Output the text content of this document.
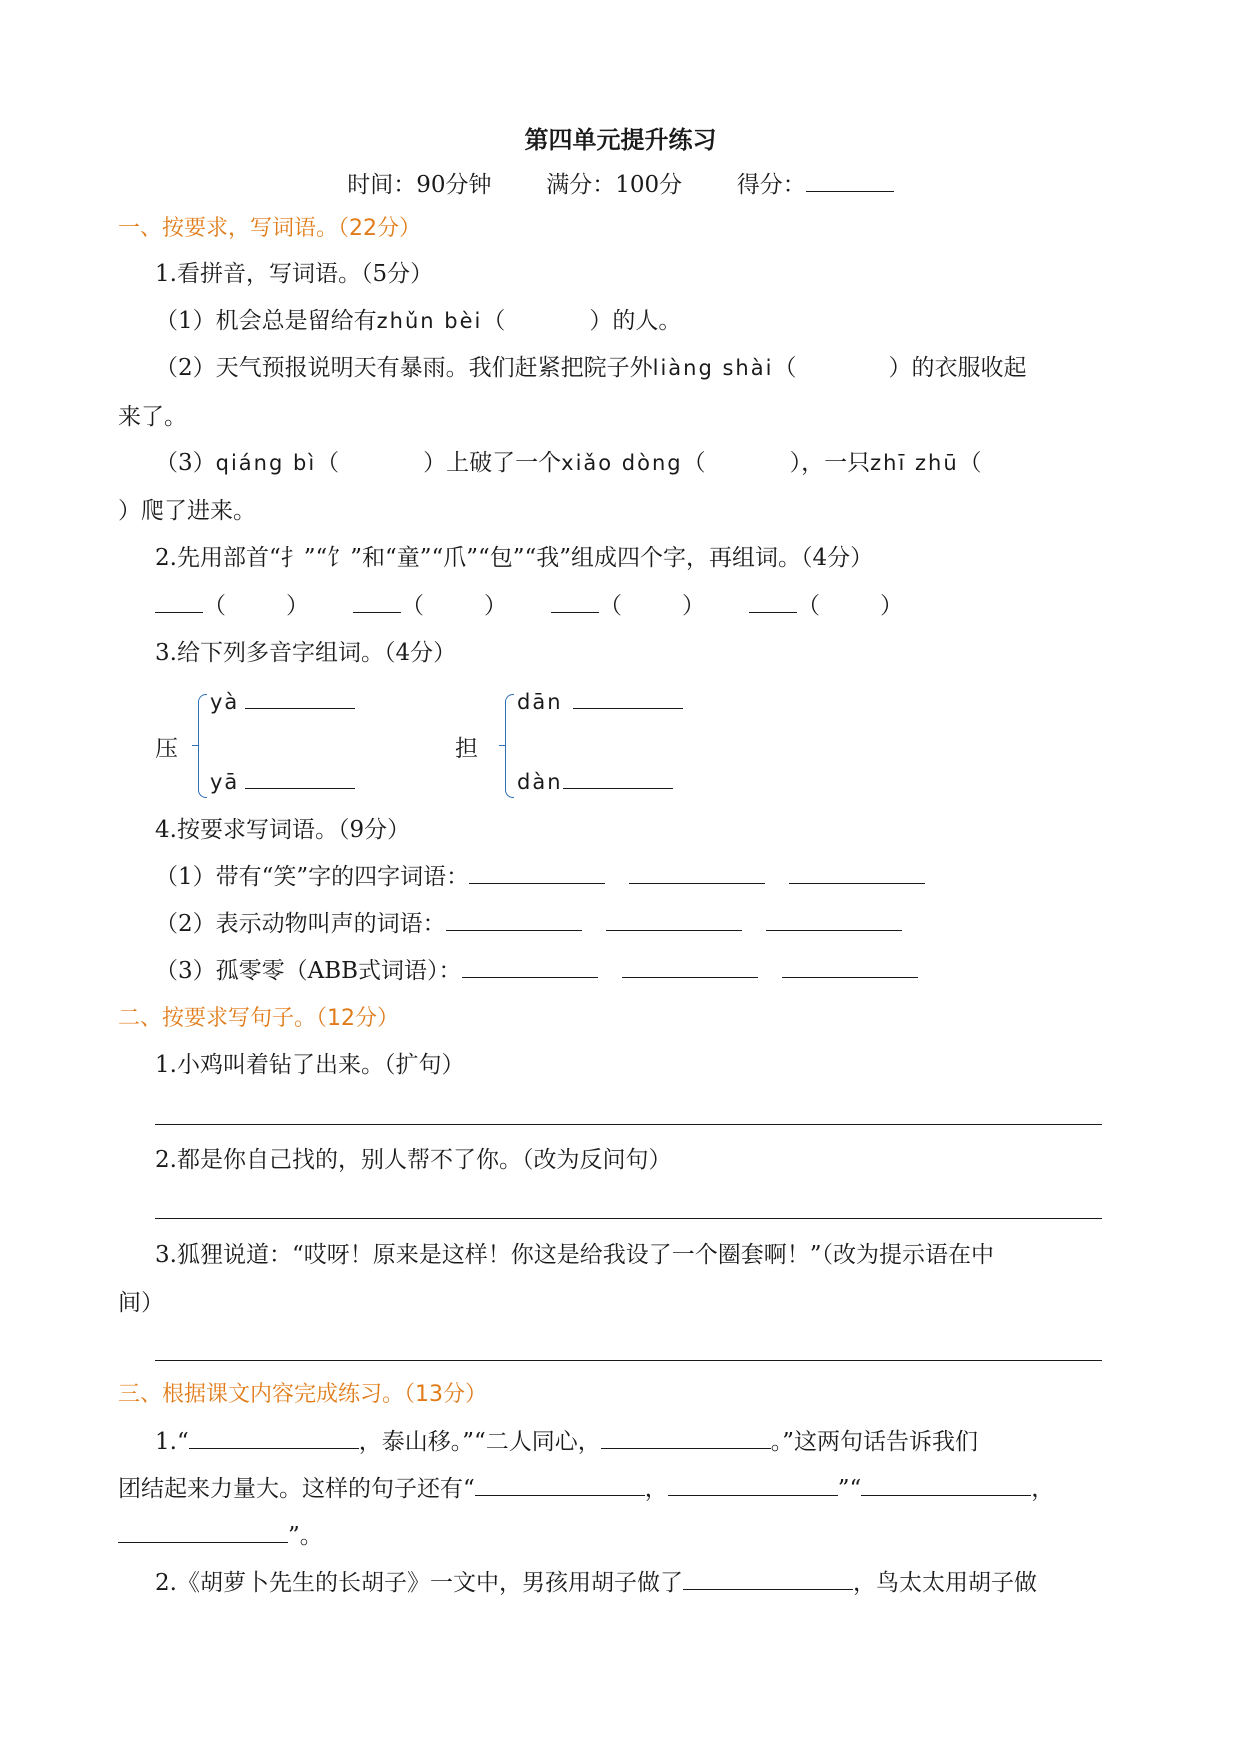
第四单元提升练习
时间：90分钟 满分：100分 得分：
一、按要求，写词语。（22分）
1.看拼音，写词语。（5分）
（1）机会总是留给有zhǔn bèi（	）的人。
（2）天气预报说明天有暴雨。我们赶紧把院子外liàng shài（	）的衣服收起
来了。
（3）qiáng bì（	）上破了一个xiǎo dòng（	），一只zhī zhū（
）爬了进来。
2.先用部首“扌”“饣”和“童”“爪”“包”“我”组成四个字，再组词。（4分）
（	）	（	）	（	）	（	）
3.给下列多音字组词。（4分）
压
yà
yā
担
dān
dàn
4.按要求写词语。（9分）
（1）带有“笑”字的四字词语：
（2）表示动物叫声的词语：
（3）孤零零（ABB式词语）：
二、按要求写句子。（12分）
1.小鸡叫着钻了出来。（扩句）
2.都是你自己找的，别人帮不了你。（改为反问句）
3.狐狸说道：“哎呀！原来是这样！你这是给我设了一个圈套啊！”（改为提示语在中
间）
三、根据课文内容完成练习。（13分）
1.“	，泰山移。”“二人同心，	。”这两句话告诉我们
团结起来力量大。这样的句子还有“	，	”“	，
”。
2.《胡萝卜先生的长胡子》一文中，男孩用胡子做了	，鸟太太用胡子做
